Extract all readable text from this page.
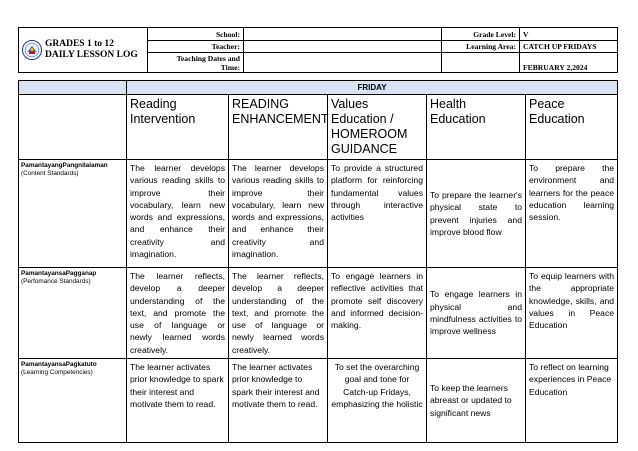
GRADES 1 to 12
DAILY LESSON LOG	School:		Grade Level:	V
	Teacher:		Learning Area:	CATCH UP FRIDAYS

	Teaching Dates and
Time:			FEBRUARY 2,2024
	FRIDAY				
	Reading Intervention	READING ENHANCEMENT	Values Education / HOMEROOM GUIDANCE	Health Education	Peace Education
PamantayangPangnilalaman
(Content Standards)	The learner develops various reading skills to improve their vocabulary, learn new words and expressions, and enhance their creativity and imagination.	The learner develops various reading skills to improve their vocabulary, learn new words and expressions, and enhance their creativity and imagination.	To provide a structured platform for reinforcing fundamental values through interactive activities	To prepare the learner's physical state to prevent injuries and improve blood flow	To prepare the environment and learners for the peace education learning session.
PamantayansaPagganap
(Perfomance Standards)	The learner reflects, develop a deeper understanding of the text, and promote the use of language or newly learned words creatively.	The learner reflects, develop a deeper understanding of the text, and promote the use of language or newly learned words creatively.	To engage learners in reflective activities that promote self discovery and informed decision-making.	To engage learners in physical and mindfulness activities to improve wellness	To equip learners with the appropriate knowledge, skills, and values in Peace Education
PamantayansaPagkatuto
(Learning Competencies)	The learner activates prior knowledge to spark their interest and motivate them to read.	The learner activates prior knowledge to spark their interest and motivate them to read.	To set the overarching goal and tone for Catch-up Fridays, emphasizing the holistic	To keep the learners abreast or updated to significant news	To reflect on learning experiences in Peace Education
